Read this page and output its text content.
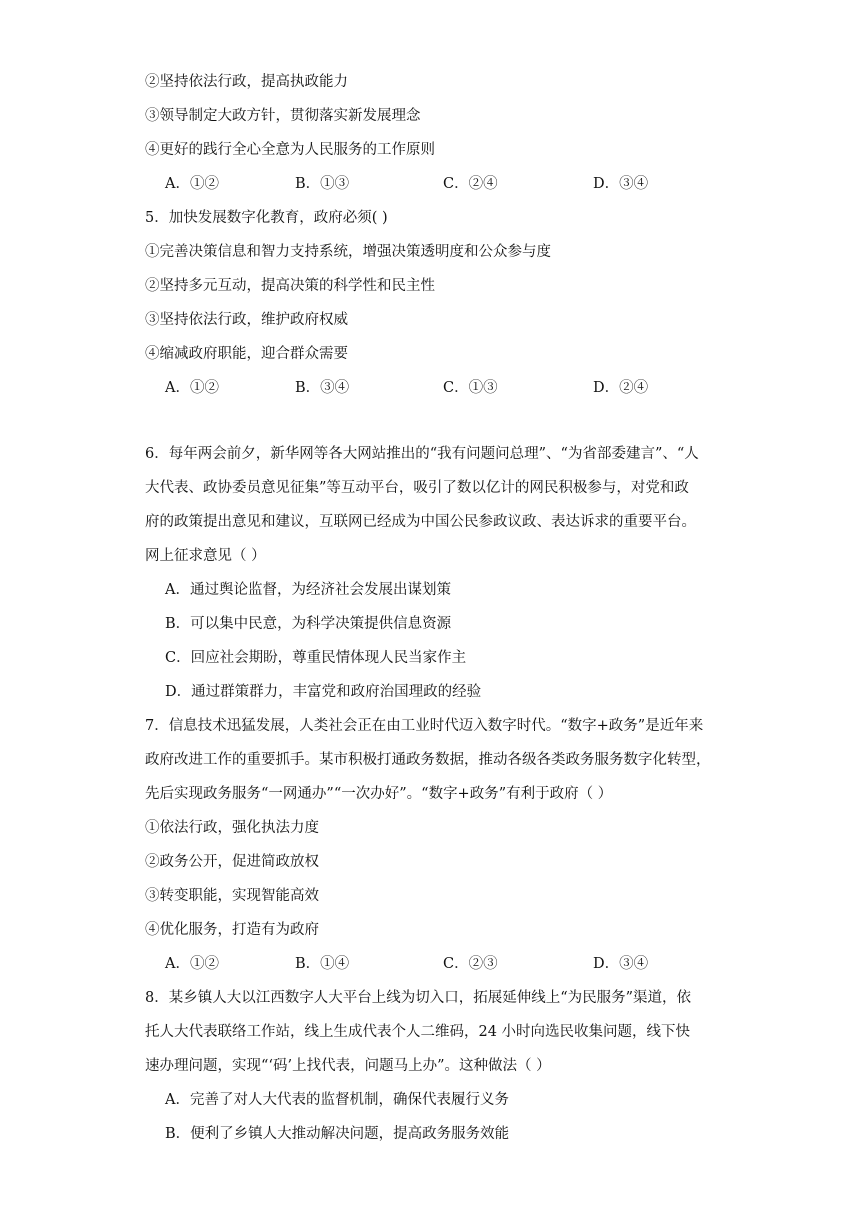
②坚持依法行政，提高执政能力
③领导制定大政方针，贯彻落实新发展理念
④更好的践行全心全意为人民服务的工作原则
A．①②	B．①③	C．②④	D．③④
5．加快发展数字化教育，政府必须( )
①完善决策信息和智力支持系统，增强决策透明度和公众参与度
②坚持多元互动，提高决策的科学性和民主性
③坚持依法行政，维护政府权威
④缩减政府职能，迎合群众需要
A．①②	B．③④	C．①③	D．②④
6．每年两会前夕，新华网等各大网站推出的“我有问题问总理”、“为省部委建言”、“人
大代表、政协委员意见征集”等互动平台，吸引了数以亿计的网民积极参与，对党和政
府的政策提出意见和建议，互联网已经成为中国公民参政议政、表达诉求的重要平台。
网上征求意见（ ）
A．通过舆论监督，为经济社会发展出谋划策
B．可以集中民意，为科学决策提供信息资源
C．回应社会期盼，尊重民情体现人民当家作主
D．通过群策群力，丰富党和政府治国理政的经验
7．信息技术迅猛发展，人类社会正在由工业时代迈入数字时代。“数字+政务”是近年来
政府改进工作的重要抓手。某市积极打通政务数据，推动各级各类政务服务数字化转型，
先后实现政务服务“一网通办”“一次办好”。“数字+政务”有利于政府（ ）
①依法行政，强化执法力度
②政务公开，促进简政放权
③转变职能，实现智能高效
④优化服务，打造有为政府
A．①②	B．①④	C．②③	D．③④
8．某乡镇人大以江西数字人大平台上线为切入口，拓展延伸线上“为民服务”渠道，依
托人大代表联络工作站，线上生成代表个人二维码，24 小时向选民收集问题，线下快
速办理问题，实现“‘码’上找代表，问题马上办”。这种做法（ ）
A．完善了对人大代表的监督机制，确保代表履行义务
B．便利了乡镇人大推动解决问题，提高政务服务效能
